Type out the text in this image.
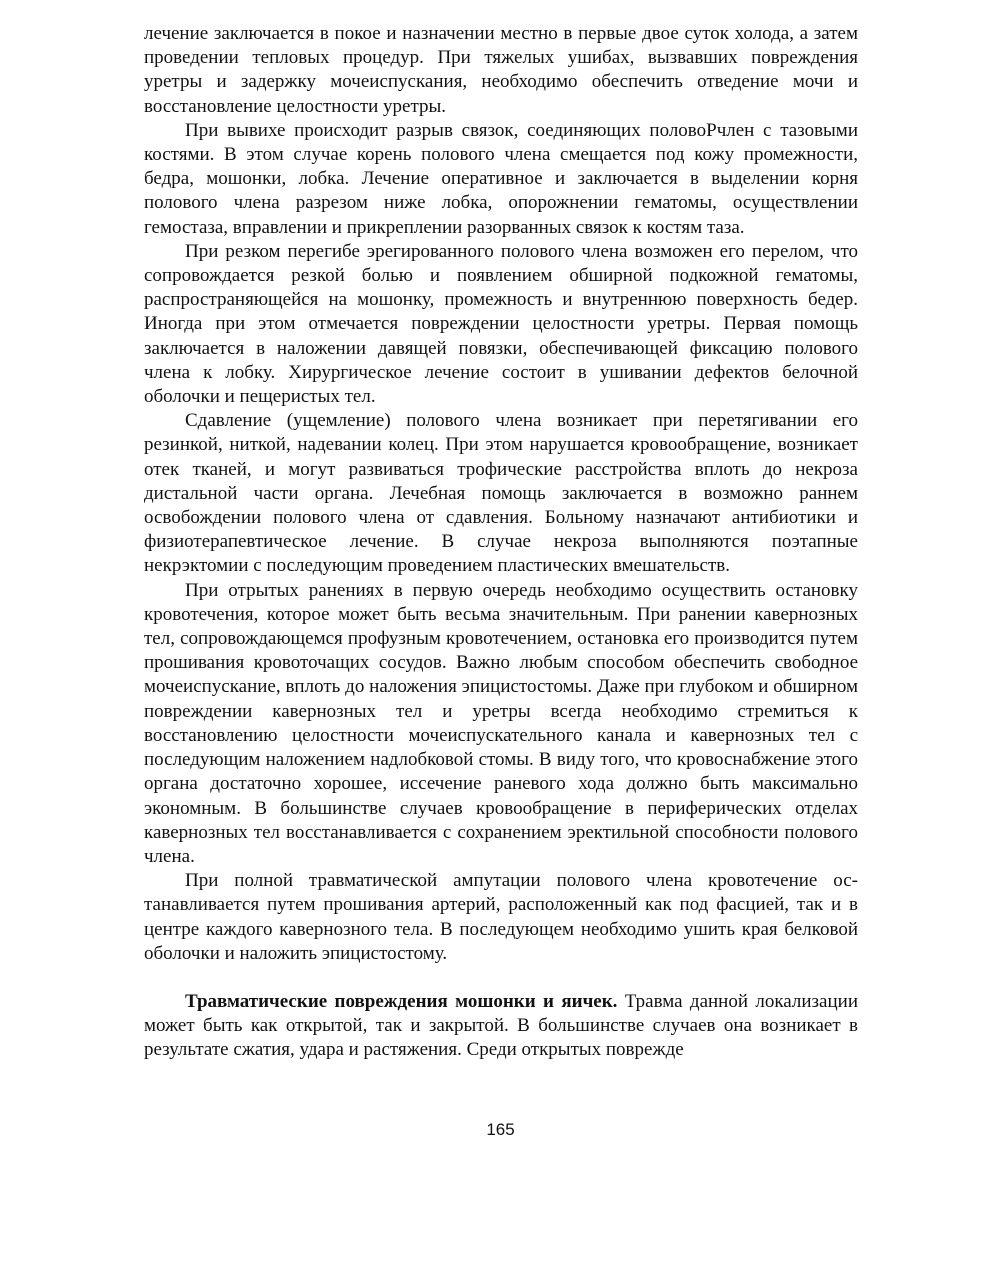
лечение заключается в покое и назначении местно в первые двое суток холода, а затем проведении тепловых процедур. При тяжелых ушибах, вызвавших повреждения уретры и задержку мочеиспускания, необходимо обеспечить отведение мочи и восстановление целостности уретры.

При вывихе происходит разрыв связок, соединяющих половоРчлен с тазовыми костями. В этом случае корень полового члена смещается под кожу промежности, бедра, мошонки, лобка. Лечение оперативное и заключается в выделении корня полового члена разрезом ниже лобка, опорожнении гематомы, осуществлении гемостаза, вправлении и прикреплении разорванных связок к костям таза.

При резком перегибе эрегированного полового члена возможен его перелом, что сопровождается резкой болью и появлением обширной подкожной гематомы, распространяющейся на мошонку, промежность и внутреннюю поверхность бедер. Иногда при этом отмечается повреждении целостности уретры. Первая помощь заключается в наложении давящей повязки, обеспечивающей фиксацию полового члена к лобку. Хирургическое лечение состоит в ушивании дефектов белочной оболочки и пещеристых тел.

Сдавление (ущемление) полового члена возникает при перетягивании его резинкой, ниткой, надевании колец. При этом нарушается кровообращение, возникает отек тканей, и могут развиваться трофические расстройства вплоть до некроза дистальной части органа. Лечебная помощь заключается в возможно раннем освобождении полового члена от сдавления. Больному назначают антибиотики и физиотерапевтическое лечение. В случае некроза выполняются поэтапные некрэктомии с последующим проведением пластических вмешательств.

При отрытых ранениях в первую очередь необходимо осуществить остановку кровотечения, которое может быть весьма значительным. При ранении кавернозных тел, сопровождающемся профузным кровотечением, остановка его производится путем прошивания кровоточащих сосудов. Важно любым способом обеспечить свободное мочеиспускание, вплоть до наложения эпицистостомы. Даже при глубоком и обширном повреждении кавернозных тел и уретры всегда необходимо стремиться к восстановлению целостности мочеиспускательного канала и кавернозных тел с последующим наложением надлобковой стомы. В виду того, что кровоснабжение этого органа достаточно хорошее, иссечение раневого хода должно быть максимально экономным. В большинстве случаев кровообращение в периферических отделах кавернозных тел восстанавливается с сохранением эректильной способности полового члена.

При полной травматической ампутации полового члена кровотечение останавливается путем прошивания артерий, расположенный как под фасцией, так и в центре каждого кавернозного тела. В последующем необходимо ушить края белковой оболочки и наложить эпицистостому.

Травматические повреждения мошонки и яичек. Травма данной локализации может быть как открытой, так и закрытой. В большинстве случаев она возникает в результате сжатия, удара и растяжения. Среди открытых поврежде

165
